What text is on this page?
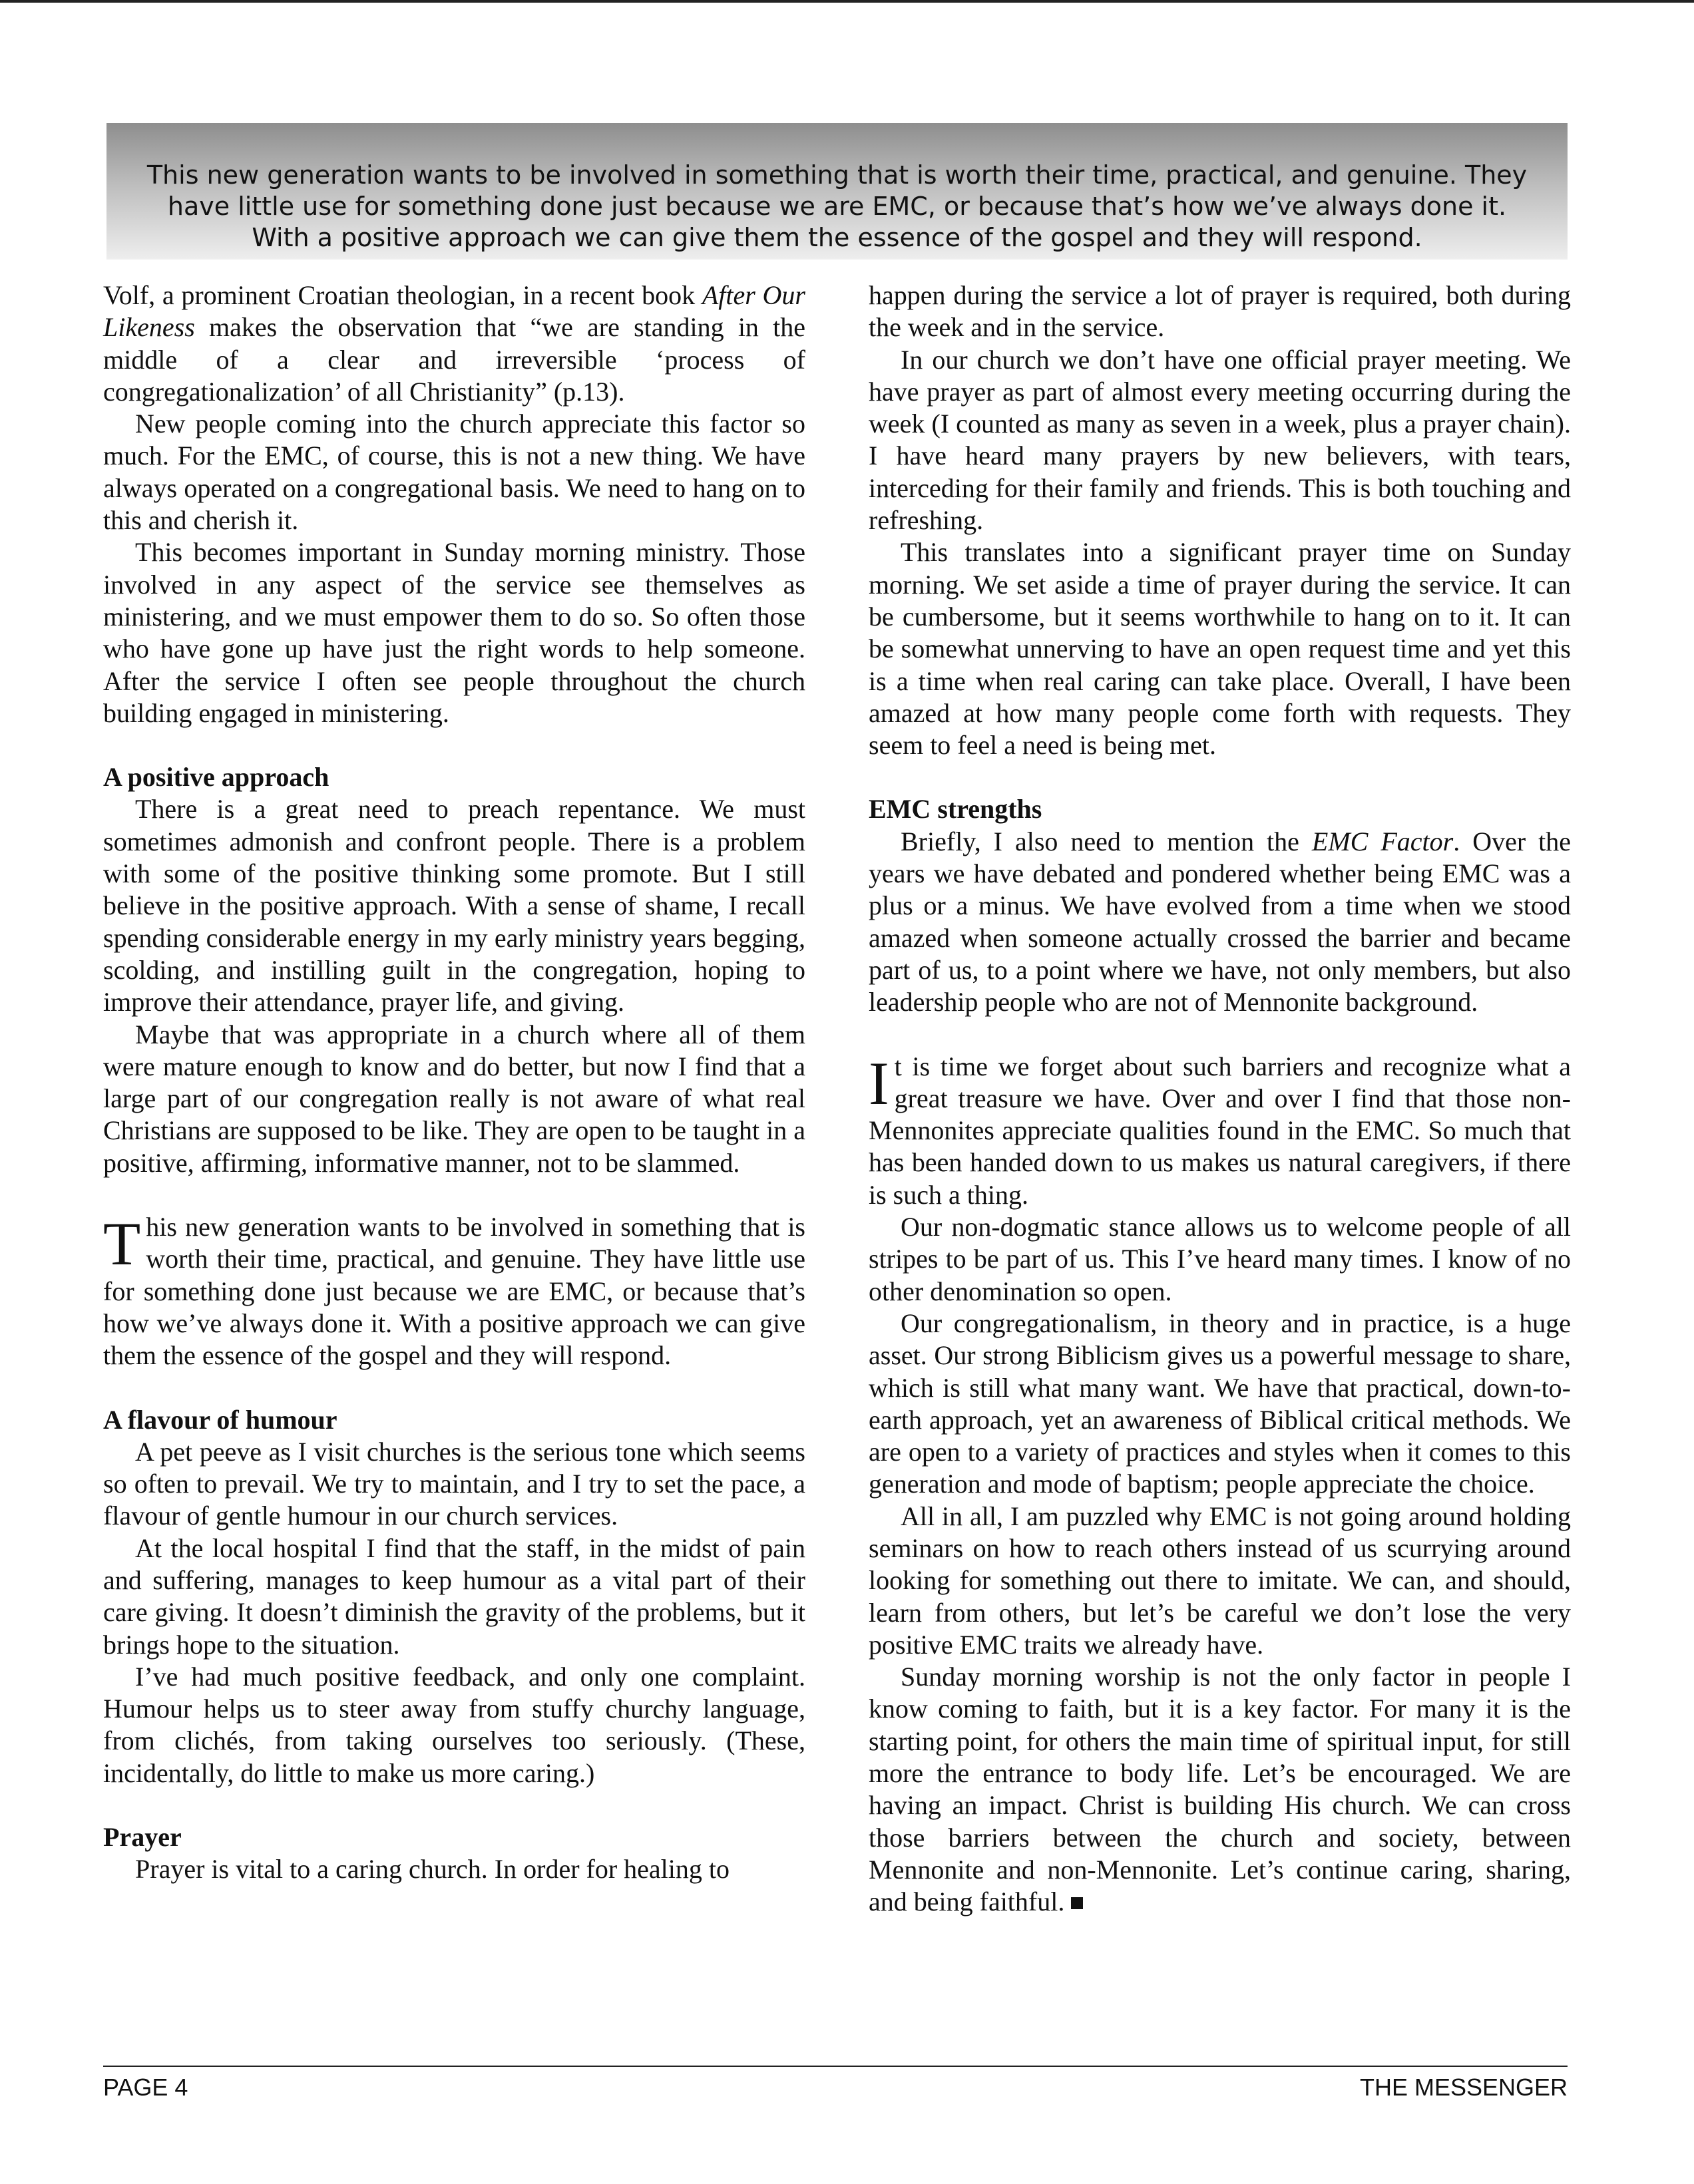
This new generation wants to be involved in something that is worth their time, practical, and genuine. They
have little use for something done just because we are EMC, or because that’s how we’ve always done it.
With a positive approach we can give them the essence of the gospel and they will respond.

Volf, a prominent Croatian theologian, in a recent book After Our Likeness makes the observation that “we are standing in the middle of a clear and irreversible ‘process of congregationalization’ of all Christianity” (p.13).

New people coming into the church appreciate this factor so much. For the EMC, of course, this is not a new thing. We have always operated on a congregational basis. We need to hang on to this and cherish it.

This becomes important in Sunday morning ministry. Those involved in any aspect of the service see themselves as ministering, and we must empower them to do so. So often those who have gone up have just the right words to help someone. After the service I often see people throughout the church building engaged in ministering.

A positive approach

There is a great need to preach repentance. We must sometimes admonish and confront people. There is a problem with some of the positive thinking some promote. But I still believe in the positive approach. With a sense of shame, I recall spending considerable energy in my early ministry years begging, scolding, and instilling guilt in the congregation, hoping to improve their attendance, prayer life, and giving.

Maybe that was appropriate in a church where all of them were mature enough to know and do better, but now I find that a large part of our congregation really is not aware of what real Christians are supposed to be like. They are open to be taught in a positive, affirming, informative manner, not to be slammed.

This new generation wants to be involved in something that is worth their time, practical, and genuine. They have little use for something done just because we are EMC, or because that’s how we’ve always done it. With a positive approach we can give them the essence of the gospel and they will respond.

A flavour of humour

A pet peeve as I visit churches is the serious tone which seems so often to prevail. We try to maintain, and I try to set the pace, a flavour of gentle humour in our church services.

At the local hospital I find that the staff, in the midst of pain and suffering, manages to keep humour as a vital part of their care giving. It doesn’t diminish the gravity of the problems, but it brings hope to the situation.

I’ve had much positive feedback, and only one complaint. Humour helps us to steer away from stuffy churchy language, from clichés, from taking ourselves too seriously. (These, incidentally, do little to make us more caring.)

Prayer

Prayer is vital to a caring church. In order for healing to

happen during the service a lot of prayer is required, both during the week and in the service.

In our church we don’t have one official prayer meeting. We have prayer as part of almost every meeting occurring during the week (I counted as many as seven in a week, plus a prayer chain). I have heard many prayers by new believers, with tears, interceding for their family and friends. This is both touching and refreshing.

This translates into a significant prayer time on Sunday morning. We set aside a time of prayer during the service. It can be cumbersome, but it seems worthwhile to hang on to it. It can be somewhat unnerving to have an open request time and yet this is a time when real caring can take place. Overall, I have been amazed at how many people come forth with requests. They seem to feel a need is being met.

EMC strengths

Briefly, I also need to mention the EMC Factor. Over the years we have debated and pondered whether being EMC was a plus or a minus. We have evolved from a time when we stood amazed when someone actually crossed the barrier and became part of us, to a point where we have, not only members, but also leadership people who are not of Mennonite background.

It is time we forget about such barriers and recognize what a great treasure we have. Over and over I find that those non-Mennonites appreciate qualities found in the EMC. So much that has been handed down to us makes us natural caregivers, if there is such a thing.

Our non-dogmatic stance allows us to welcome people of all stripes to be part of us. This I’ve heard many times. I know of no other denomination so open.

Our congregationalism, in theory and in practice, is a huge asset. Our strong Biblicism gives us a powerful message to share, which is still what many want. We have that practical, down-to-earth approach, yet an awareness of Biblical critical methods. We are open to a variety of practices and styles when it comes to this generation and mode of baptism; people appreciate the choice.

All in all, I am puzzled why EMC is not going around holding seminars on how to reach others instead of us scurrying around looking for something out there to imitate. We can, and should, learn from others, but let’s be careful we don’t lose the very positive EMC traits we already have.

Sunday morning worship is not the only factor in people I know coming to faith, but it is a key factor. For many it is the starting point, for others the main time of spiritual input, for still more the entrance to body life. Let’s be encouraged. We are having an impact. Christ is building His church. We can cross those barriers between the church and society, between Mennonite and non-Mennonite. Let’s continue caring, sharing, and being faithful.

PAGE 4	THE MESSENGER
